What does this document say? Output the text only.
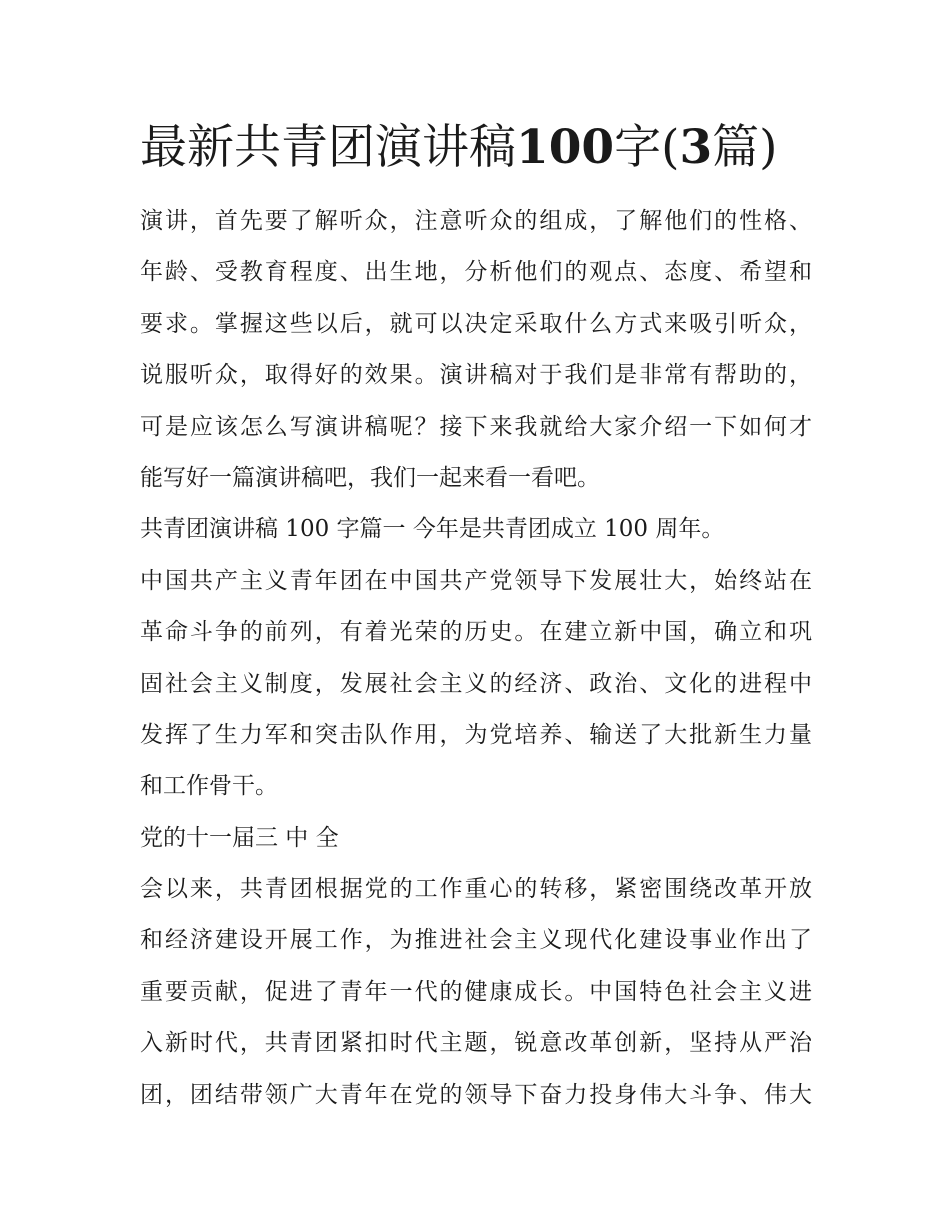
最新共青团演讲稿100字(3篇)
演讲，首先要了解听众，注意听众的组成，了解他们的性格、
年龄、受教育程度、出生地，分析他们的观点、态度、希望和
要求。掌握这些以后，就可以决定采取什么方式来吸引听众，
说服听众，取得好的效果。演讲稿对于我们是非常有帮助的，
可是应该怎么写演讲稿呢？接下来我就给大家介绍一下如何才
能写好一篇演讲稿吧，我们一起来看一看吧。
共青团演讲稿 100 字篇一 今年是共青团成立 100 周年。
中国共产主义青年团在中国共产党领导下发展壮大，始终站在
革命斗争的前列，有着光荣的历史。在建立新中国，确立和巩
固社会主义制度，发展社会主义的经济、政治、文化的进程中
发挥了生力军和突击队作用，为党培养、输送了大批新生力量
和工作骨干。
党的十一届三 中 全
会以来，共青团根据党的工作重心的转移，紧密围绕改革开放
和经济建设开展工作，为推进社会主义现代化建设事业作出了
重要贡献，促进了青年一代的健康成长。中国特色社会主义进
入新时代，共青团紧扣时代主题，锐意改革创新，坚持从严治
团，团结带领广大青年在党的领导下奋力投身伟大斗争、伟大
